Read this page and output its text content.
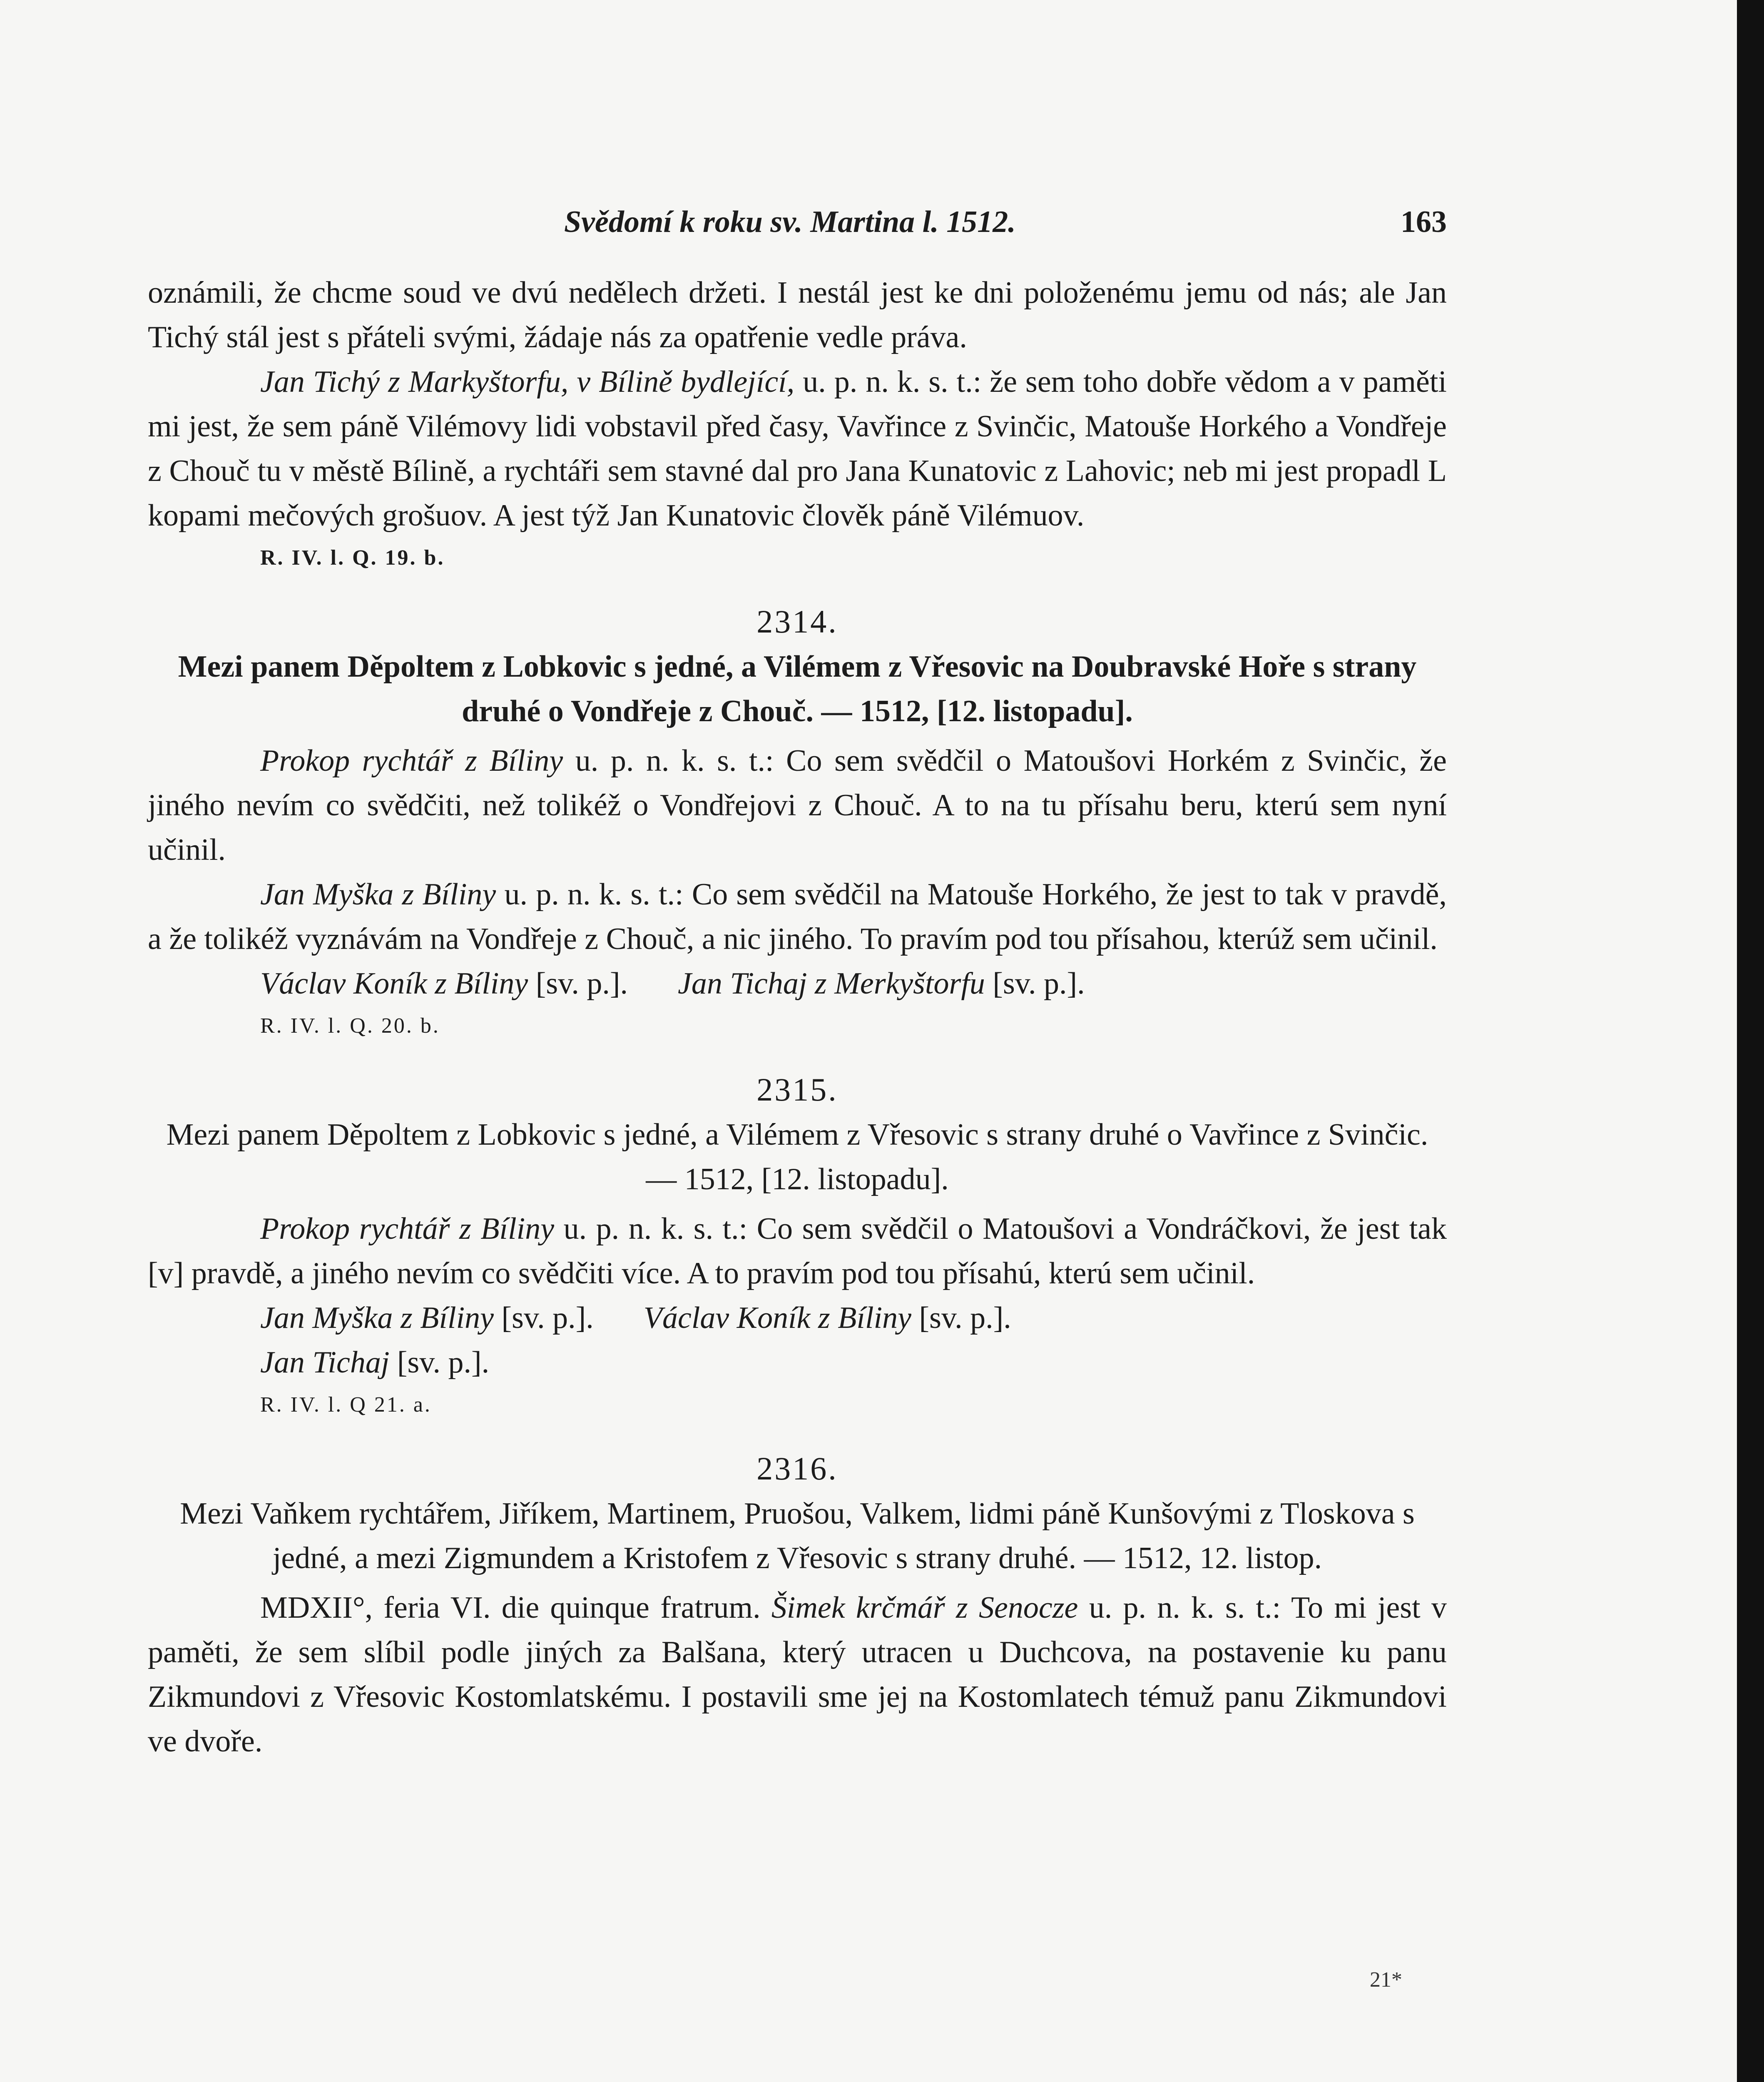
Svědomí k roku sv. Martina l. 1512.	163

oznámili, že chcme soud ve dvú nedělech držeti. I nestál jest ke dni položenému jemu od nás; ale Jan Tichý stál jest s přáteli svými, žádaje nás za opatřenie vedle práva.

Jan Tichý z Markyštorfu, v Bílině bydlející, u. p. n. k. s. t.: že sem toho dobře vědom a v paměti mi jest, že sem páně Vilémovy lidi vobstavil před časy, Vavřince z Svinčic, Matouše Horkého a Vondřeje z Chouč tu v městě Bílině, a rychtáři sem stavné dal pro Jana Kunatovic z Lahovic; neb mi jest propadl L kopami mečových grošuov. A jest týž Jan Kunatovic člověk páně Vilémuov.

R. IV. l. Q. 19. b.
2314.

Mezi panem Děpoltem z Lobkovic s jedné, a Vilémem z Vřesovic na Doubravské Hoře s strany druhé o Vondřeje z Chouč. — 1512, [12. listopadu].

Prokop rychtář z Bíliny u. p. n. k. s. t.: Co sem svědčil o Matoušovi Horkém z Svinčic, že jiného nevím co svědčiti, než tolikéž o Vondřejovi z Chouč. A to na tu přísahu beru, kterú sem nyní učinil.

Jan Myška z Bíliny u. p. n. k. s. t.: Co sem svědčil na Matouše Horkého, že jest to tak v pravdě, a že tolikéž vyznávám na Vondřeje z Chouč, a nic jiného. To pravím pod tou přísahou, kterúž sem učinil.

Václav Koník z Bíliny [sv. p.]. Jan Tichaj z Merkyštorfu [sv. p.].
R. IV. l. Q. 20. b.
2315.

Mezi panem Děpoltem z Lobkovic s jedné, a Vilémem z Vřesovic s strany druhé o Vavřince z Svinčic. — 1512, [12. listopadu].

Prokop rychtář z Bíliny u. p. n. k. s. t.: Co sem svědčil o Matoušovi a Vondráčkovi, že jest tak [v] pravdě, a jiného nevím co svědčiti více. A to pravím pod tou přísahú, kterú sem učinil.

Jan Myška z Bíliny [sv. p.]. Václav Koník z Bíliny [sv. p.].
Jan Tichaj [sv. p.].
R. IV. l. Q 21. a.
2316.

Mezi Vaňkem rychtářem, Jiříkem, Martinem, Pruošou, Valkem, lidmi páně Kunšovými z Tloskova s jedné, a mezi Zigmundem a Kristofem z Vřesovic s strany druhé. — 1512, 12. listop.

MDXII°, feria VI. die quinque fratrum. Šimek krčmář z Senocze u. p. n. k. s. t.: To mi jest v paměti, že sem slíbil podle jiných za Balšana, který utracen u Duchcova, na postavenie ku panu Zikmundovi z Vřesovic Kostomlatskému. I postavili sme jej na Kostomlatech témuž panu Zikmundovi ve dvoře.

21*
